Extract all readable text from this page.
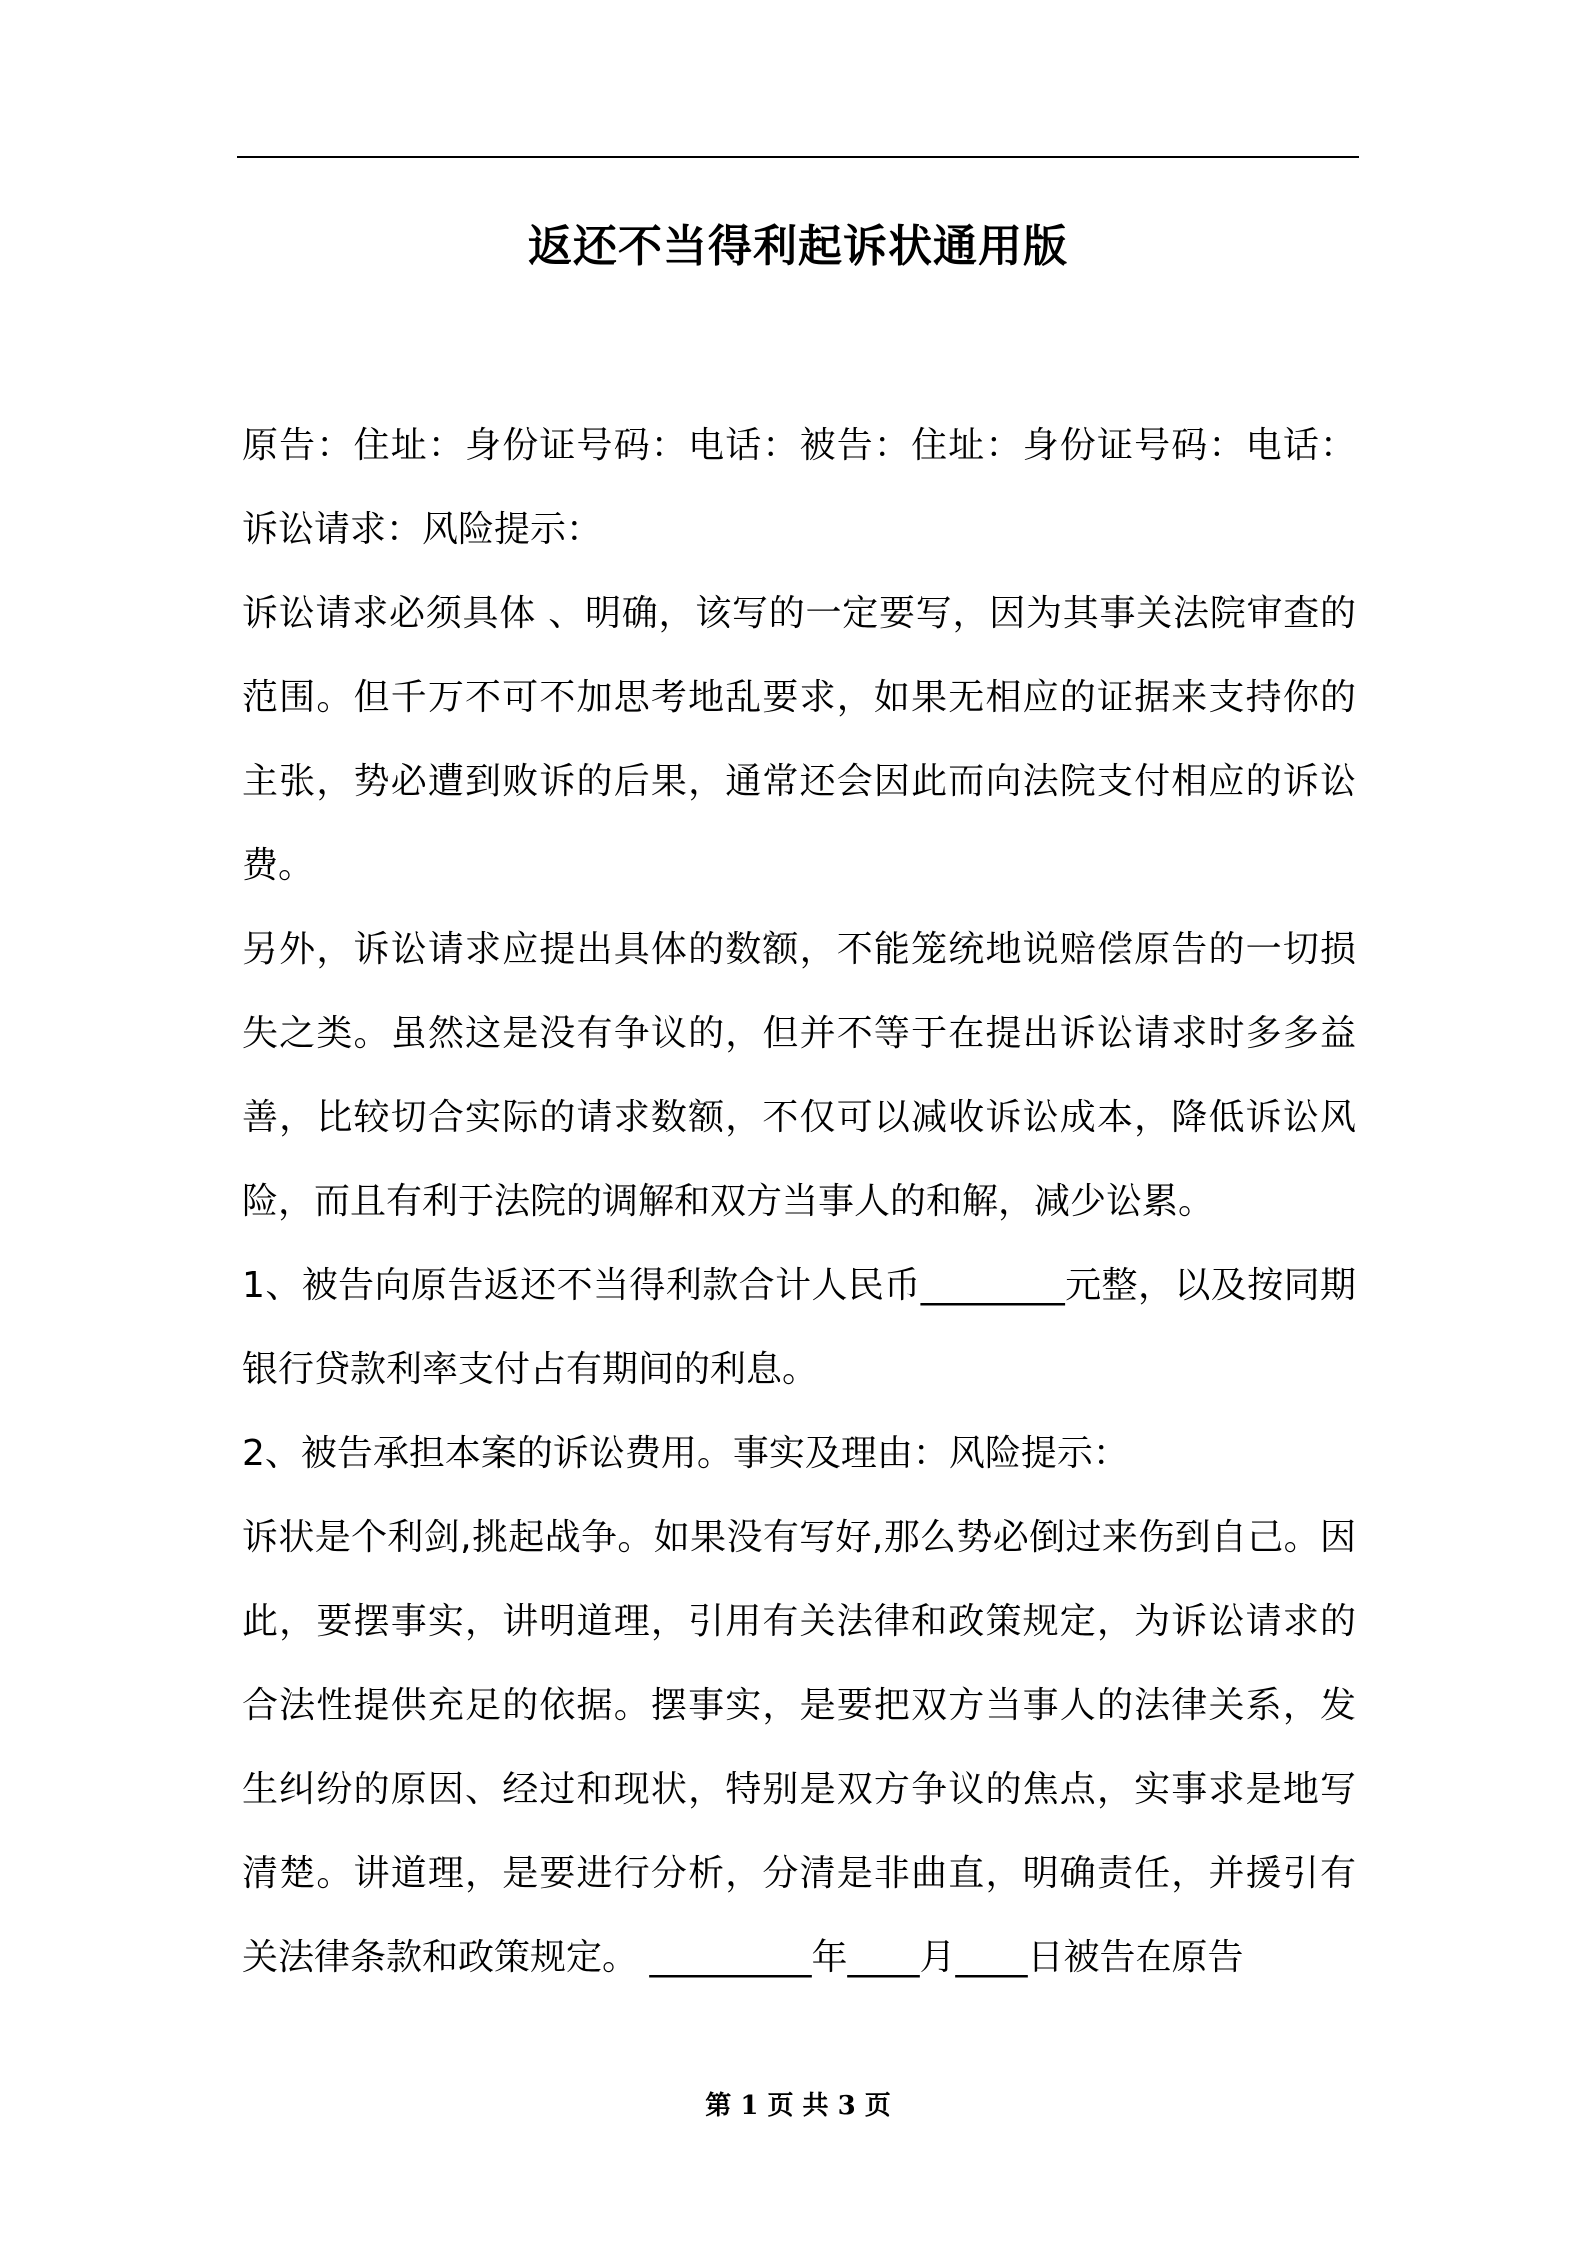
返还不当得利起诉状通用版

原告：住址：身份证号码：电话：被告：住址：身份证号码：电话：诉讼请求：风险提示：

诉讼请求必须具体 、明确，该写的一定要写，因为其事关法院审查的范围。但千万不可不加思考地乱要求，如果无相应的证据来支持你的主张，势必遭到败诉的后果，通常还会因此而向法院支付相应的诉讼费。

另外，诉讼请求应提出具体的数额，不能笼统地说赔偿原告的一切损失之类。虽然这是没有争议的，但并不等于在提出诉讼请求时多多益善，比较切合实际的请求数额，不仅可以减收诉讼成本，降低诉讼风险，而且有利于法院的调解和双方当事人的和解，减少讼累。

1、被告向原告返还不当得利款合计人民币________元整，以及按同期银行贷款利率支付占有期间的利息。

2、被告承担本案的诉讼费用。事实及理由：风险提示：

诉状是个利剑,挑起战争。如果没有写好,那么势必倒过来伤到自己。因此，要摆事实，讲明道理，引用有关法律和政策规定，为诉讼请求的合法性提供充足的依据。摆事实，是要把双方当事人的法律关系，发生纠纷的原因、经过和现状，特别是双方争议的焦点，实事求是地写清楚。讲道理，是要进行分析，分清是非曲直，明确责任，并援引有关法律条款和政策规定。 _________年____月____日被告在原告

第 1 页 共 3 页
